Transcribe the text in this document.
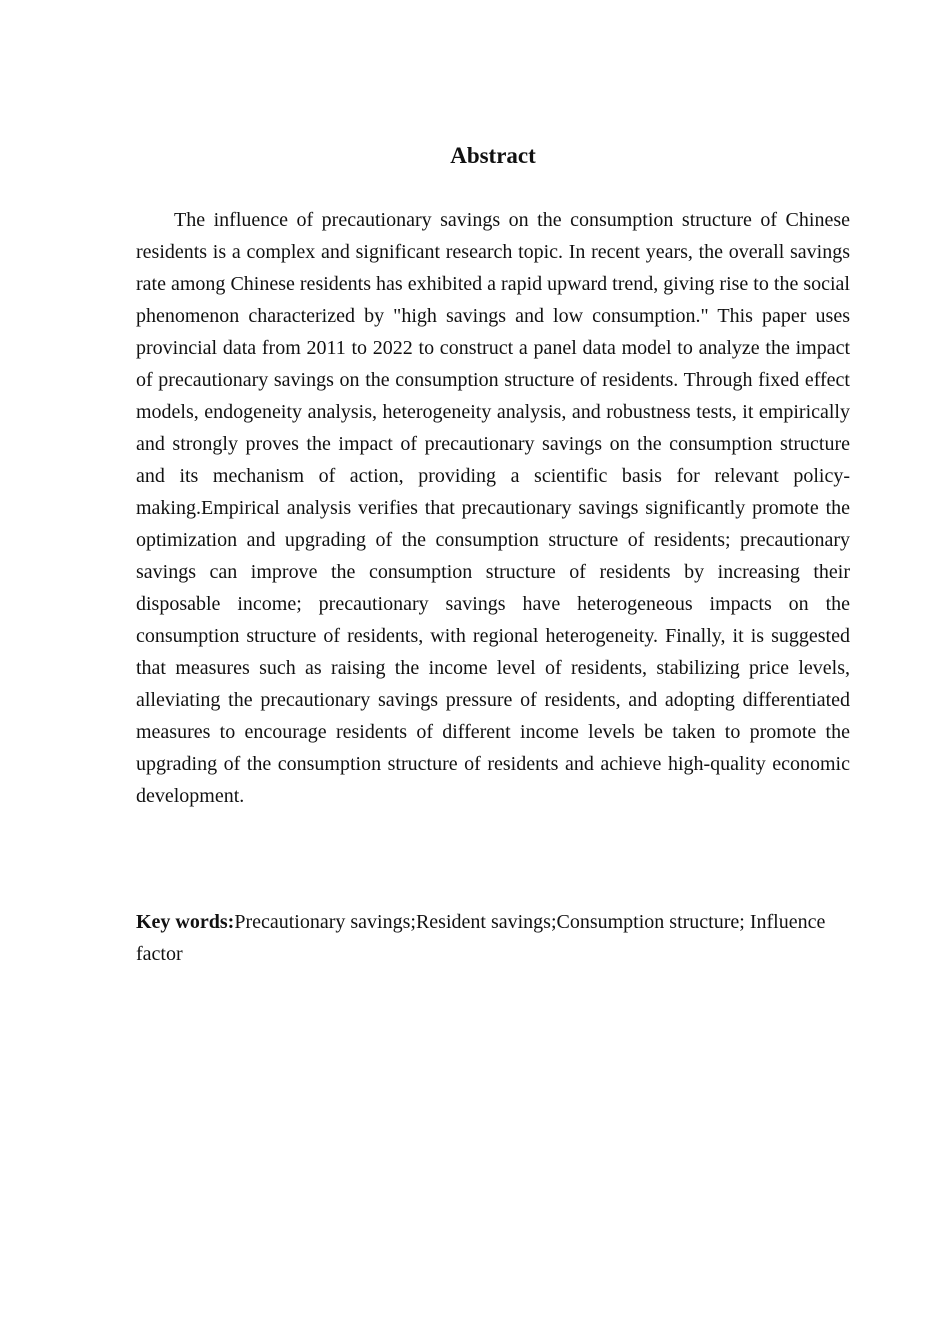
Abstract

The influence of precautionary savings on the consumption structure of Chinese residents is a complex and significant research topic. In recent years, the overall savings rate among Chinese residents has exhibited a rapid upward trend, giving rise to the social phenomenon characterized by "high savings and low consumption." This paper uses provincial data from 2011 to 2022 to construct a panel data model to analyze the impact of precautionary savings on the consumption structure of residents. Through fixed effect models, endogeneity analysis, heterogeneity analysis, and robustness tests, it empirically and strongly proves the impact of precautionary savings on the consumption structure and its mechanism of action, providing a scientific basis for relevant policy-making.Empirical analysis verifies that precautionary savings significantly promote the optimization and upgrading of the consumption structure of residents; precautionary savings can improve the consumption structure of residents by increasing their disposable income; precautionary savings have heterogeneous impacts on the consumption structure of residents, with regional heterogeneity. Finally, it is suggested that measures such as raising the income level of residents, stabilizing price levels, alleviating the precautionary savings pressure of residents, and adopting differentiated measures to encourage residents of different income levels be taken to promote the upgrading of the consumption structure of residents and achieve high-quality economic development.

Key words:Precautionary savings;Resident savings;Consumption structure; Influence factor
